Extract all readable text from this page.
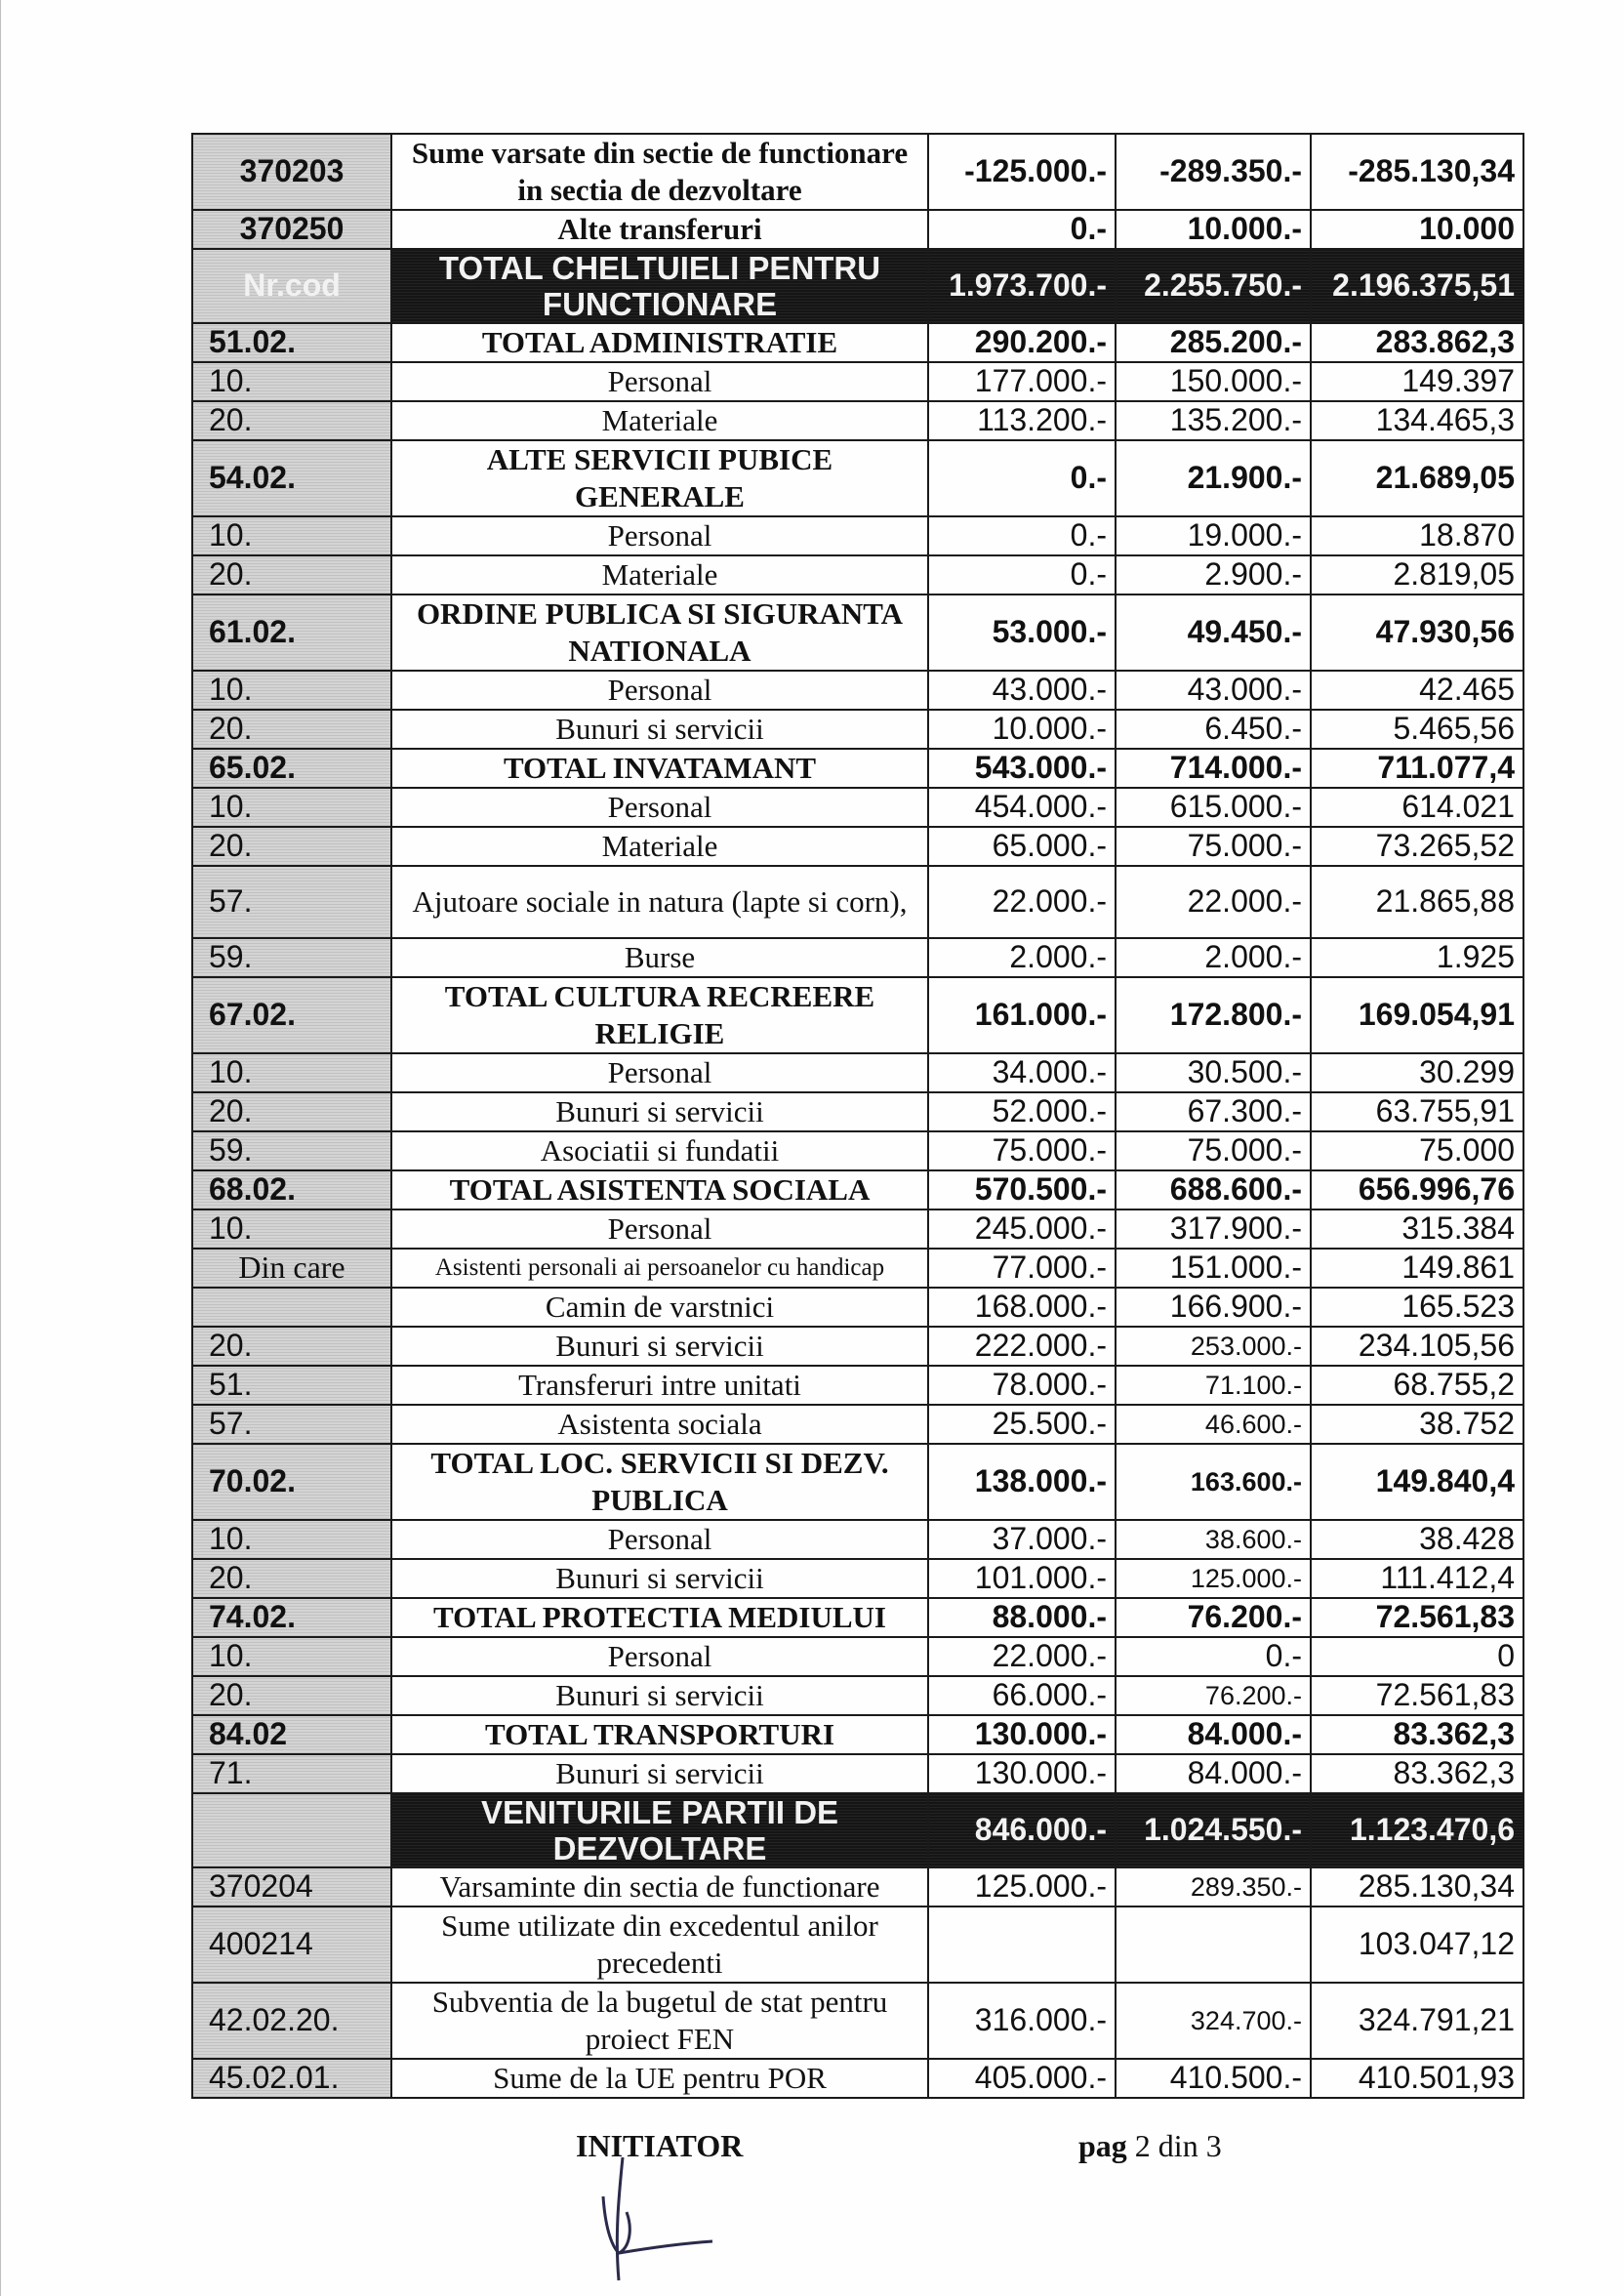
370203	Sume varsate din sectie de functionare in sectia de dezvoltare	-125.000.-	-289.350.-	-285.130,34
370250	Alte transferuri	0.-	10.000.-	10.000
Nr.cod	TOTAL CHELTUIELI PENTRU FUNCTIONARE	1.973.700.-	2.255.750.-	2.196.375,51
51.02.	TOTAL ADMINISTRATIE	290.200.-	285.200.-	283.862,3
10.	Personal	177.000.-	150.000.-	149.397
20.	Materiale	113.200.-	135.200.-	134.465,3
54.02.	ALTE SERVICII PUBICE GENERALE	0.-	21.900.-	21.689,05
10.	Personal	0.-	19.000.-	18.870
20.	Materiale	0.-	2.900.-	2.819,05
61.02.	ORDINE PUBLICA SI SIGURANTA NATIONALA	53.000.-	49.450.-	47.930,56
10.	Personal	43.000.-	43.000.-	42.465
20.	Bunuri si servicii	10.000.-	6.450.-	5.465,56
65.02.	TOTAL INVATAMANT	543.000.-	714.000.-	711.077,4
10.	Personal	454.000.-	615.000.-	614.021
20.	Materiale	65.000.-	75.000.-	73.265,52
57.	Ajutoare sociale in natura (lapte si corn),	22.000.-	22.000.-	21.865,88
59.	Burse	2.000.-	2.000.-	1.925
67.02.	TOTAL CULTURA RECREERE RELIGIE	161.000.-	172.800.-	169.054,91
10.	Personal	34.000.-	30.500.-	30.299
20.	Bunuri si servicii	52.000.-	67.300.-	63.755,91
59.	Asociatii si fundatii	75.000.-	75.000.-	75.000
68.02.	TOTAL ASISTENTA SOCIALA	570.500.-	688.600.-	656.996,76
10.	Personal	245.000.-	317.900.-	315.384
Din care	Asistenti personali ai persoanelor cu handicap	77.000.-	151.000.-	149.861
	Camin de varstnici	168.000.-	166.900.-	165.523
20.	Bunuri si servicii	222.000.-	253.000.-	234.105,56
51.	Transferuri intre unitati	78.000.-	71.100.-	68.755,2
57.	Asistenta sociala	25.500.-	46.600.-	38.752
70.02.	TOTAL LOC. SERVICII SI DEZV. PUBLICA	138.000.-	163.600.-	149.840,4
10.	Personal	37.000.-	38.600.-	38.428
20.	Bunuri si servicii	101.000.-	125.000.-	111.412,4
74.02.	TOTAL PROTECTIA MEDIULUI	88.000.-	76.200.-	72.561,83
10.	Personal	22.000.-	0.-	0
20.	Bunuri si servicii	66.000.-	76.200.-	72.561,83
84.02	TOTAL TRANSPORTURI	130.000.-	84.000.-	83.362,3
71.	Bunuri si servicii	130.000.-	84.000.-	83.362,3
	VENITURILE PARTII DE DEZVOLTARE	846.000.-	1.024.550.-	1.123.470,6
370204	Varsaminte din sectia de functionare	125.000.-	289.350.-	285.130,34
400214	Sume utilizate din excedentul anilor precedenti			103.047,12
42.02.20.	Subventia de la bugetul de stat pentru proiect FEN	316.000.-	324.700.-	324.791,21
45.02.01.	Sume de la UE pentru POR	405.000.-	410.500.-	410.501,93
INITIATOR	pag 2 din 3
